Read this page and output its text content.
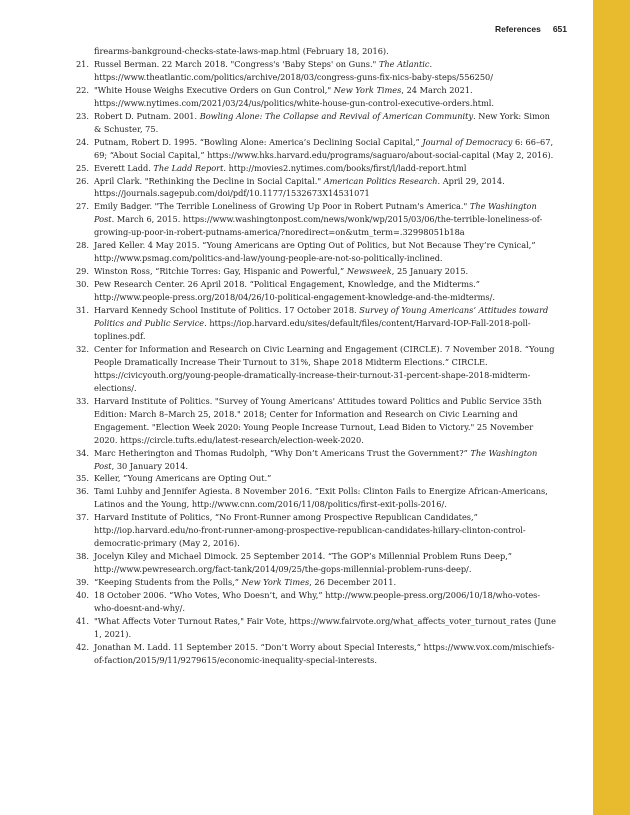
References 651
firearms-bankground-checks-state-laws-map.html (February 18, 2016).
21. Russel Berman. 22 March 2018. "Congress's 'Baby Steps' on Guns." The Atlantic. https://www.theatlantic.com/politics/archive/2018/03/congress-guns-fix-nics-baby-steps/556250/
22. "White House Weighs Executive Orders on Gun Control," New York Times, 24 March 2021. https://www.nytimes.com/2021/03/24/us/politics/white-house-gun-control-executive-orders.html.
23. Robert D. Putnam. 2001. Bowling Alone: The Collapse and Revival of American Community. New York: Simon & Schuster, 75.
24. Putnam, Robert D. 1995. “Bowling Alone: America’s Declining Social Capital,” Journal of Democracy 6: 66–67, 69; “About Social Capital,” https://www.hks.harvard.edu/programs/saguaro/about-social-capital (May 2, 2016).
25. Everett Ladd. The Ladd Report. http://movies2.nytimes.com/books/first/l/ladd-report.html
26. April Clark. "Rethinking the Decline in Social Capital." American Politics Research. April 29, 2014. https://journals.sagepub.com/doi/pdf/10.1177/1532673X14531071
27. Emily Badger. "The Terrible Loneliness of Growing Up Poor in Robert Putnam's America." The Washington Post. March 6, 2015. https://www.washingtonpost.com/news/wonk/wp/2015/03/06/the-terrible-loneliness-of-growing-up-poor-in-robert-putnams-america/?noredirect=on&utm_term=.32998051b18a
28. Jared Keller. 4 May 2015. “Young Americans are Opting Out of Politics, but Not Because They’re Cynical,” http://www.psmag.com/politics-and-law/young-people-are-not-so-politically-inclined.
29. Winston Ross, “Ritchie Torres: Gay, Hispanic and Powerful,” Newsweek, 25 January 2015.
30. Pew Research Center. 26 April 2018. “Political Engagement, Knowledge, and the Midterms.” http://www.people-press.org/2018/04/26/10-political-engagement-knowledge-and-the-midterms/.
31. Harvard Kennedy School Institute of Politics. 17 October 2018. Survey of Young Americans’ Attitudes toward Politics and Public Service. https://iop.harvard.edu/sites/default/files/content/Harvard-IOP-Fall-2018-poll-toplines.pdf.
32. Center for Information and Research on Civic Learning and Engagement (CIRCLE). 7 November 2018. “Young People Dramatically Increase Their Turnout to 31%, Shape 2018 Midterm Elections.” CIRCLE. https://civicyouth.org/young-people-dramatically-increase-their-turnout-31-percent-shape-2018-midterm-elections/.
33. Harvard Institute of Politics. "Survey of Young Americans' Attitudes toward Politics and Public Service 35th Edition: March 8–March 25, 2018." 2018; Center for Information and Research on Civic Learning and Engagement. "Election Week 2020: Young People Increase Turnout, Lead Biden to Victory." 25 November 2020. https://circle.tufts.edu/latest-research/election-week-2020.
34. Marc Hetherington and Thomas Rudolph, “Why Don’t Americans Trust the Government?” The Washington Post, 30 January 2014.
35. Keller, “Young Americans are Opting Out.”
36. Tami Luhby and Jennifer Agiesta. 8 November 2016. “Exit Polls: Clinton Fails to Energize African-Americans, Latinos and the Young, http://www.cnn.com/2016/11/08/politics/first-exit-polls-2016/.
37. Harvard Institute of Politics, “No Front-Runner among Prospective Republican Candidates,” http://iop.harvard.edu/no-front-runner-among-prospective-republican-candidates-hillary-clinton-control-democratic-primary (May 2, 2016).
38. Jocelyn Kiley and Michael Dimock. 25 September 2014. “The GOP’s Millennial Problem Runs Deep,” http://www.pewresearch.org/fact-tank/2014/09/25/the-gops-millennial-problem-runs-deep/.
39. “Keeping Students from the Polls,” New York Times, 26 December 2011.
40. 18 October 2006. “Who Votes, Who Doesn’t, and Why,” http://www.people-press.org/2006/10/18/who-votes-who-doesnt-and-why/.
41. "What Affects Voter Turnout Rates," Fair Vote, https://www.fairvote.org/what_affects_voter_turnout_rates (June 1, 2021).
42. Jonathan M. Ladd. 11 September 2015. “Don’t Worry about Special Interests,” https://www.vox.com/mischiefs-of-faction/2015/9/11/9279615/economic-inequality-special-interests.
